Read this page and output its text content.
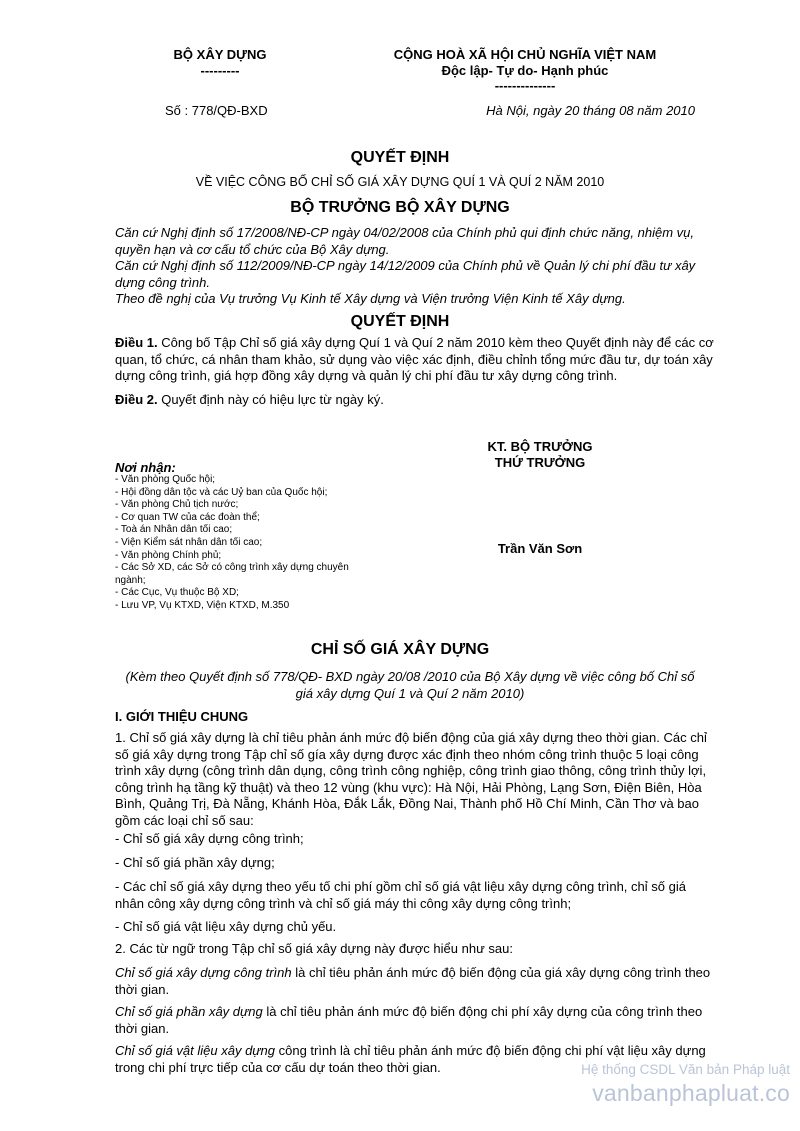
BỘ XÂY DỰNG
---------
CỘNG HOÀ XÃ HỘI CHỦ NGHĨA VIỆT NAM
Độc lập- Tự do- Hạnh phúc
--------------
Số : 778/QĐ-BXD	Hà Nội, ngày 20 tháng 08 năm 2010
QUYẾT ĐỊNH
VỀ VIỆC CÔNG BỐ CHỈ SỐ GIÁ XÂY DỰNG QUÍ 1 VÀ QUÍ 2 NĂM 2010
BỘ TRƯỞNG BỘ XÂY DỰNG
Căn cứ Nghị định số 17/2008/NĐ-CP ngày 04/02/2008 của Chính phủ qui định chức năng, nhiệm vụ, quyền hạn và cơ cấu tổ chức của Bộ Xây dựng.
Căn cứ Nghị định số 112/2009/NĐ-CP ngày 14/12/2009 của Chính phủ về Quản lý chi phí đầu tư xây dựng công trình.
Theo đề nghị của Vụ trưởng Vụ Kinh tế Xây dựng và Viện trưởng Viện Kinh tế Xây dựng.
QUYẾT ĐỊNH
Điều 1. Công bố Tập Chỉ số giá xây dựng Quí 1 và Quí 2 năm 2010 kèm theo Quyết định này để các cơ quan, tổ chức, cá nhân tham khảo, sử dụng vào việc xác định, điều chỉnh tổng mức đầu tư, dự toán xây dựng công trình, giá hợp đồng xây dựng và quản lý chi phí đầu tư xây dựng công trình.
Điều 2. Quyết định này có hiệu lực từ ngày ký.
KT. BỘ TRƯỞNG
THỨ TRƯỞNG
Trần Văn Sơn
Nơi nhận:
- Văn phòng Quốc hội;
- Hội đồng dân tộc và các Uỷ ban của Quốc hội;
- Văn phòng Chủ tịch nước;
- Cơ quan TW của các đoàn thể;
- Toà án Nhân dân tối cao;
- Viện Kiểm sát nhân dân tối cao;
- Văn phòng Chính phủ;
- Các Sở XD, các Sở có công trình xây dựng chuyên
ngành;
- Các Cục, Vụ thuộc Bộ XD;
- Lưu VP, Vụ KTXD, Viện KTXD, M.350
CHỈ SỐ GIÁ XÂY DỰNG
(Kèm theo Quyết định số 778/QĐ- BXD ngày 20/08 /2010 của Bộ Xây dựng về việc công bố Chỉ số
giá xây dựng Quí 1 và Quí 2 năm 2010)
I. GIỚI THIỆU CHUNG
1. Chỉ số giá xây dựng là chỉ tiêu phản ánh mức độ biến động của giá xây dựng theo thời gian. Các chỉ số giá xây dựng trong Tập chỉ số gía xây dựng được xác định theo nhóm công trình thuộc 5 loại công trình xây dựng (công trình dân dụng, công trình công nghiệp, công trình giao thông, công trình thủy lợi, công trình hạ tầng kỹ thuật) và theo 12 vùng (khu vực): Hà Nội, Hải Phòng, Lạng Sơn, Điện Biên, Hòa Bình, Quảng Trị, Đà Nẵng, Khánh Hòa, Đắk Lắk, Đồng Nai, Thành phố Hồ Chí Minh, Cần Thơ và bao gồm các loại chỉ số sau:
- Chỉ số giá xây dựng công trình;
- Chỉ số giá phần xây dựng;
- Các chỉ số giá xây dựng theo yếu tố chi phí gồm chỉ số giá vật liệu xây dựng công trình, chỉ số giá nhân công xây dựng công trình và chỉ số giá máy thi công xây dựng công trình;
- Chỉ số giá vật liệu xây dựng chủ yếu.
2. Các từ ngữ trong Tập chỉ số giá xây dựng này được hiểu như sau:
Chỉ số giá xây dựng công trình là chỉ tiêu phản ánh mức độ biến động của giá xây dựng công trình theo thời gian.
Chỉ số giá phần xây dựng là chỉ tiêu phản ánh mức độ biến động chi phí xây dựng của công trình theo thời gian.
Chỉ số giá vật liệu xây dựng công trình là chỉ tiêu phản ánh mức độ biến động chi phí vật liệu xây dựng trong chi phí trực tiếp của cơ cấu dự toán theo thời gian.	Hệ thống CSDL Văn bản Pháp luật
vanbanphapluat.co
